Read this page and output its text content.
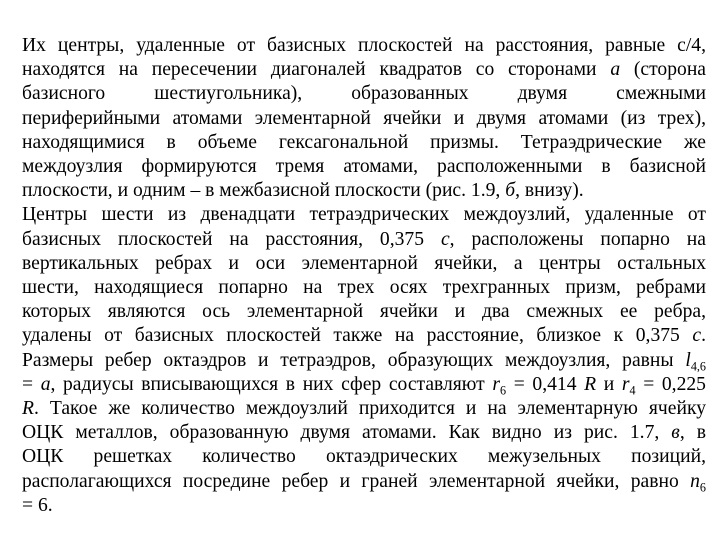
Их центры, удаленные от базисных плоскостей на расстояния, равные c/4,
находятся на пересечении диагоналей квадратов со сторонами a (сторона
базисного шестиугольника), образованных двумя смежными
периферийными атомами элементарной ячейки и двумя атомами (из трех),
находящимися в объеме гексагональной призмы. Тетраэдрические же
междоузлия формируются тремя атомами, расположенными в базисной
плоскости, и одним – в межбазисной плоскости (рис. 1.9, б, внизу).
Центры шести из двенадцати тетраэдрических междоузлий, удаленные от
базисных плоскостей на расстояния, 0,375 c, расположены попарно на
вертикальных ребрах и оси элементарной ячейки, а центры остальных
шести, находящиеся попарно на трех осях трехгранных призм, ребрами
которых являются ось элементарной ячейки и два смежных ее ребра,
удалены от базисных плоскостей также на расстояние, близкое к 0,375 c.
Размеры ребер октаэдров и тетраэдров, образующих междоузлия, равны $l_{4,6}$
= a, радиусы вписывающихся в них сфер составляют $r_6 = 0,414$ R и $r_4 = 0,225$
R. Такое же количество междоузлий приходится и на элементарную ячейку
ОЦК металлов, образованную двумя атомами. Как видно из рис. 1.7, в, в
ОЦК решетках количество октаэдрических межузельных позиций,
располагающихся посредине ребер и граней элементарной ячейки, равно $n_6$
= 6.
